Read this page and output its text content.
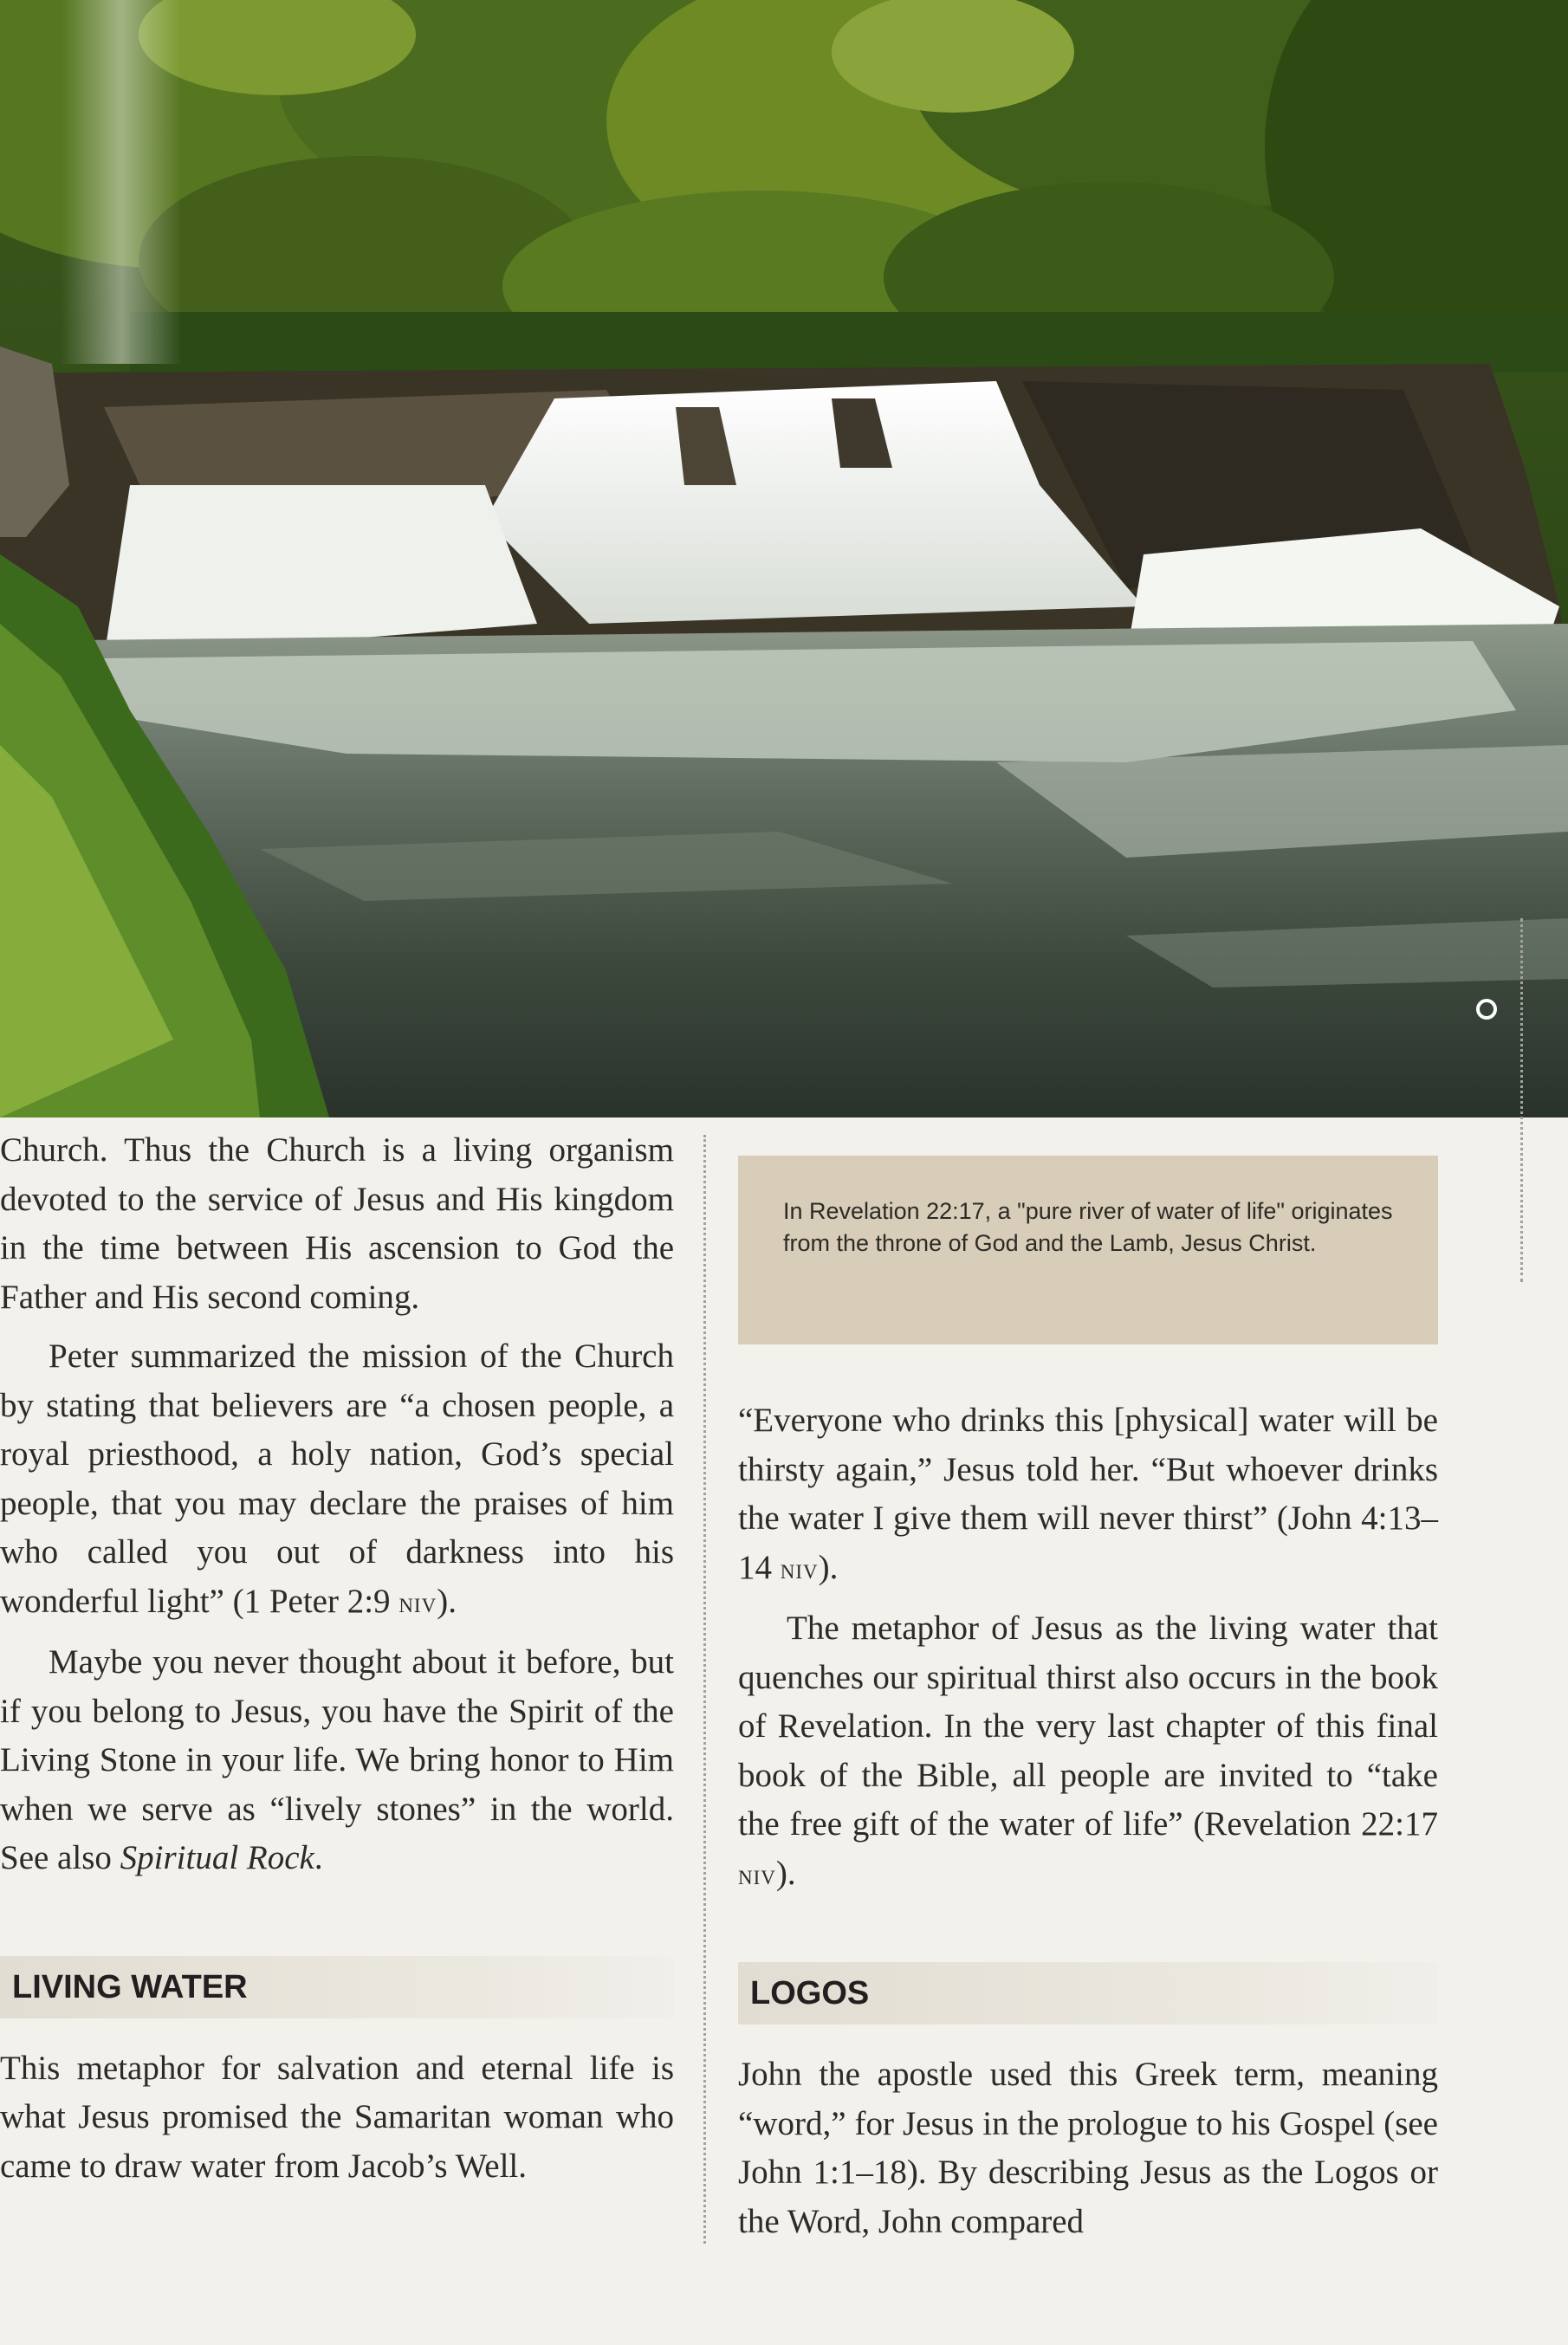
Church. Thus the Church is a living organism devoted to the service of Jesus and His kingdom in the time between His ascension to God the Father and His second coming.

Peter summarized the mission of the Church by stating that believers are “a chosen people, a royal priesthood, a holy nation, God’s special people, that you may declare the praises of him who called you out of darkness into his wonderful light” (1 Peter 2:9 niv).

Maybe you never thought about it before, but if you belong to Jesus, you have the Spirit of the Living Stone in your life. We bring honor to Him when we serve as “lively stones” in the world. See also Spiritual Rock.

LIVING WATER

This metaphor for salvation and eternal life is what Jesus promised the Samaritan woman who came to draw water from Jacob’s Well.

In Revelation 22:17, a "pure river of water of life" originates from the throne of God and the Lamb, Jesus Christ.

“Everyone who drinks this [physical] water will be thirsty again,” Jesus told her. “But whoever drinks the water I give them will never thirst” (John 4:13–14 niv).

The metaphor of Jesus as the living water that quenches our spiritual thirst also occurs in the book of Revelation. In the very last chapter of this final book of the Bible, all people are invited to “take the free gift of the water of life” (Revelation 22:17 niv).

LOGOS

John the apostle used this Greek term, meaning “word,” for Jesus in the prologue to his Gospel (see John 1:1–18). By describing Jesus as the Logos or the Word, John compared
